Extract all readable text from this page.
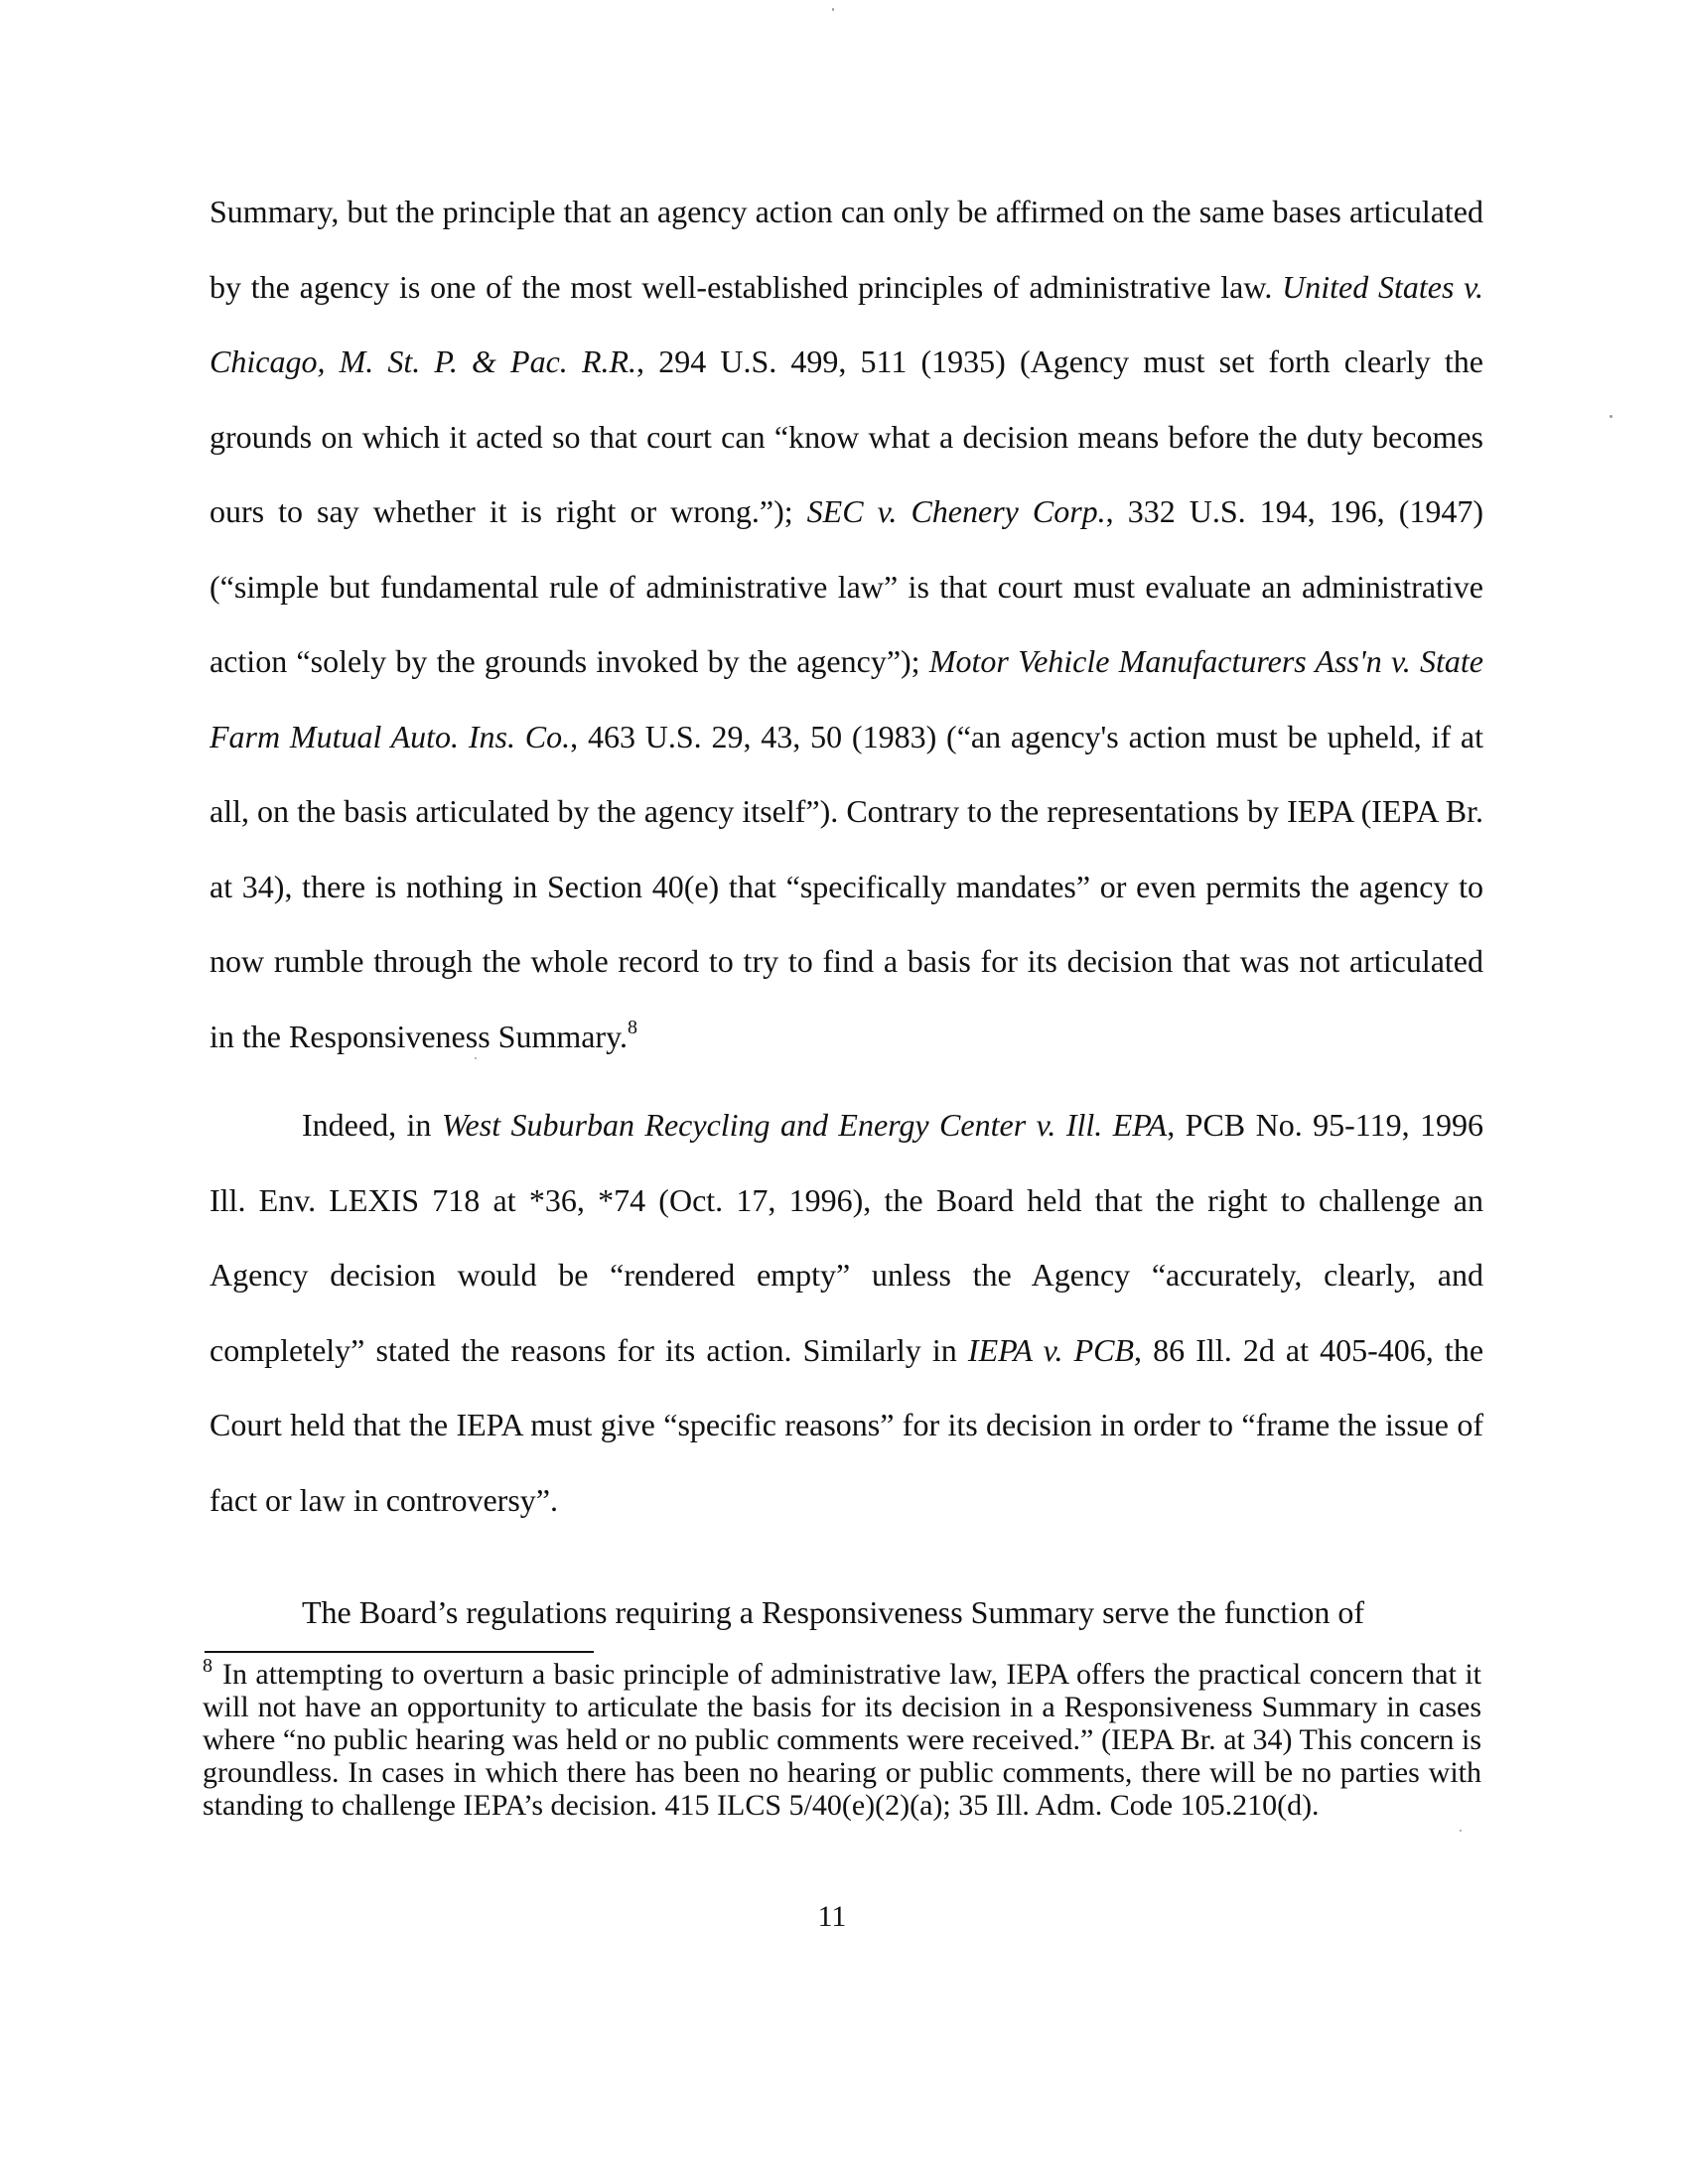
Summary, but the principle that an agency action can only be affirmed on the same bases articulated by the agency is one of the most well-established principles of administrative law. United States v. Chicago, M. St. P. & Pac. R.R., 294 U.S. 499, 511 (1935) (Agency must set forth clearly the grounds on which it acted so that court can “know what a decision means before the duty becomes ours to say whether it is right or wrong.”); SEC v. Chenery Corp., 332 U.S. 194, 196, (1947) (“simple but fundamental rule of administrative law” is that court must evaluate an administrative action “solely by the grounds invoked by the agency”); Motor Vehicle Manufacturers Ass'n v. State Farm Mutual Auto. Ins. Co., 463 U.S. 29, 43, 50 (1983) (“an agency's action must be upheld, if at all, on the basis articulated by the agency itself”). Contrary to the representations by IEPA (IEPA Br. at 34), there is nothing in Section 40(e) that “specifically mandates” or even permits the agency to now rumble through the whole record to try to find a basis for its decision that was not articulated in the Responsiveness Summary.$^8$

Indeed, in West Suburban Recycling and Energy Center v. Ill. EPA, PCB No. 95-119, 1996 Ill. Env. LEXIS 718 at *36, *74 (Oct. 17, 1996), the Board held that the right to challenge an Agency decision would be “rendered empty” unless the Agency “accurately, clearly, and completely” stated the reasons for its action. Similarly in IEPA v. PCB, 86 Ill. 2d at 405-406, the Court held that the IEPA must give “specific reasons” for its decision in order to “frame the issue of fact or law in controversy”.

The Board’s regulations requiring a Responsiveness Summary serve the function of

$^8$ In attempting to overturn a basic principle of administrative law, IEPA offers the practical concern that it will not have an opportunity to articulate the basis for its decision in a Responsiveness Summary in cases where “no public hearing was held or no public comments were received.” (IEPA Br. at 34) This concern is groundless. In cases in which there has been no hearing or public comments, there will be no parties with standing to challenge IEPA’s decision. 415 ILCS 5/40(e)(2)(a); 35 Ill. Adm. Code 105.210(d).
11
